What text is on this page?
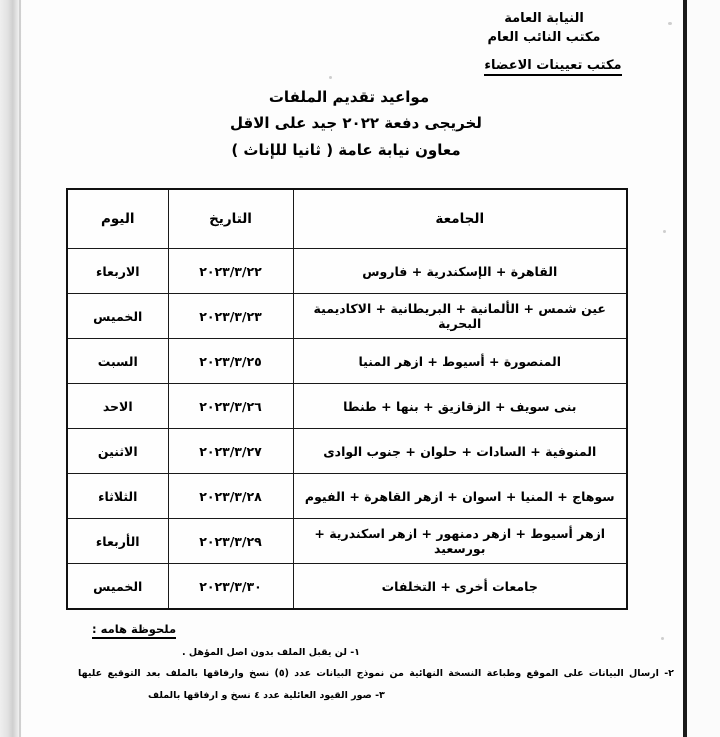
النيابة العامة
مكتب النائب العام
مكتب تعيينات الاعضاء
مواعيد تقديم الملفات
لخريجى دفعة ٢٠٢٢ جيد على الاقل
معاون نيابة عامة ( ثانيا للإناث )
الجامعة	التاريخ	اليوم
القاهرة + الإسكندرية + فاروس	٢٠٢٣/٣/٢٢	الاربعاء
عين شمس + الألمانية + البريطانية + الاكاديمية البحرية	٢٠٢٣/٣/٢٣	الخميس
المنصورة + أسيوط + ازهر المنيا	٢٠٢٣/٣/٢٥	السبت
بنى سويف + الزقازيق + بنها + طنطا	٢٠٢٣/٣/٢٦	الاحد
المنوفية + السادات + حلوان + جنوب الوادى	٢٠٢٣/٣/٢٧	الاثنين
سوهاج + المنيا + اسوان + ازهر القاهرة + الفيوم	٢٠٢٣/٣/٢٨	الثلاثاء
ازهر أسيوط + ازهر دمنهور + ازهر اسكندرية + بورسعيد	٢٠٢٣/٣/٢٩	الأربعاء
جامعات أخرى + التخلفات	٢٠٢٣/٣/٣٠	الخميس
ملحوظة هامه :
١- لن يقبل الملف بدون اصل المؤهل .
٢- ارسال البيانات على الموقع وطباعة النسخة النهائية من نموذج البيانات عدد (٥) نسخ وارفاقها بالملف بعد التوقيع عليها
٣- صور القيود العائلية عدد ٤ نسخ و ارفاقها بالملف
